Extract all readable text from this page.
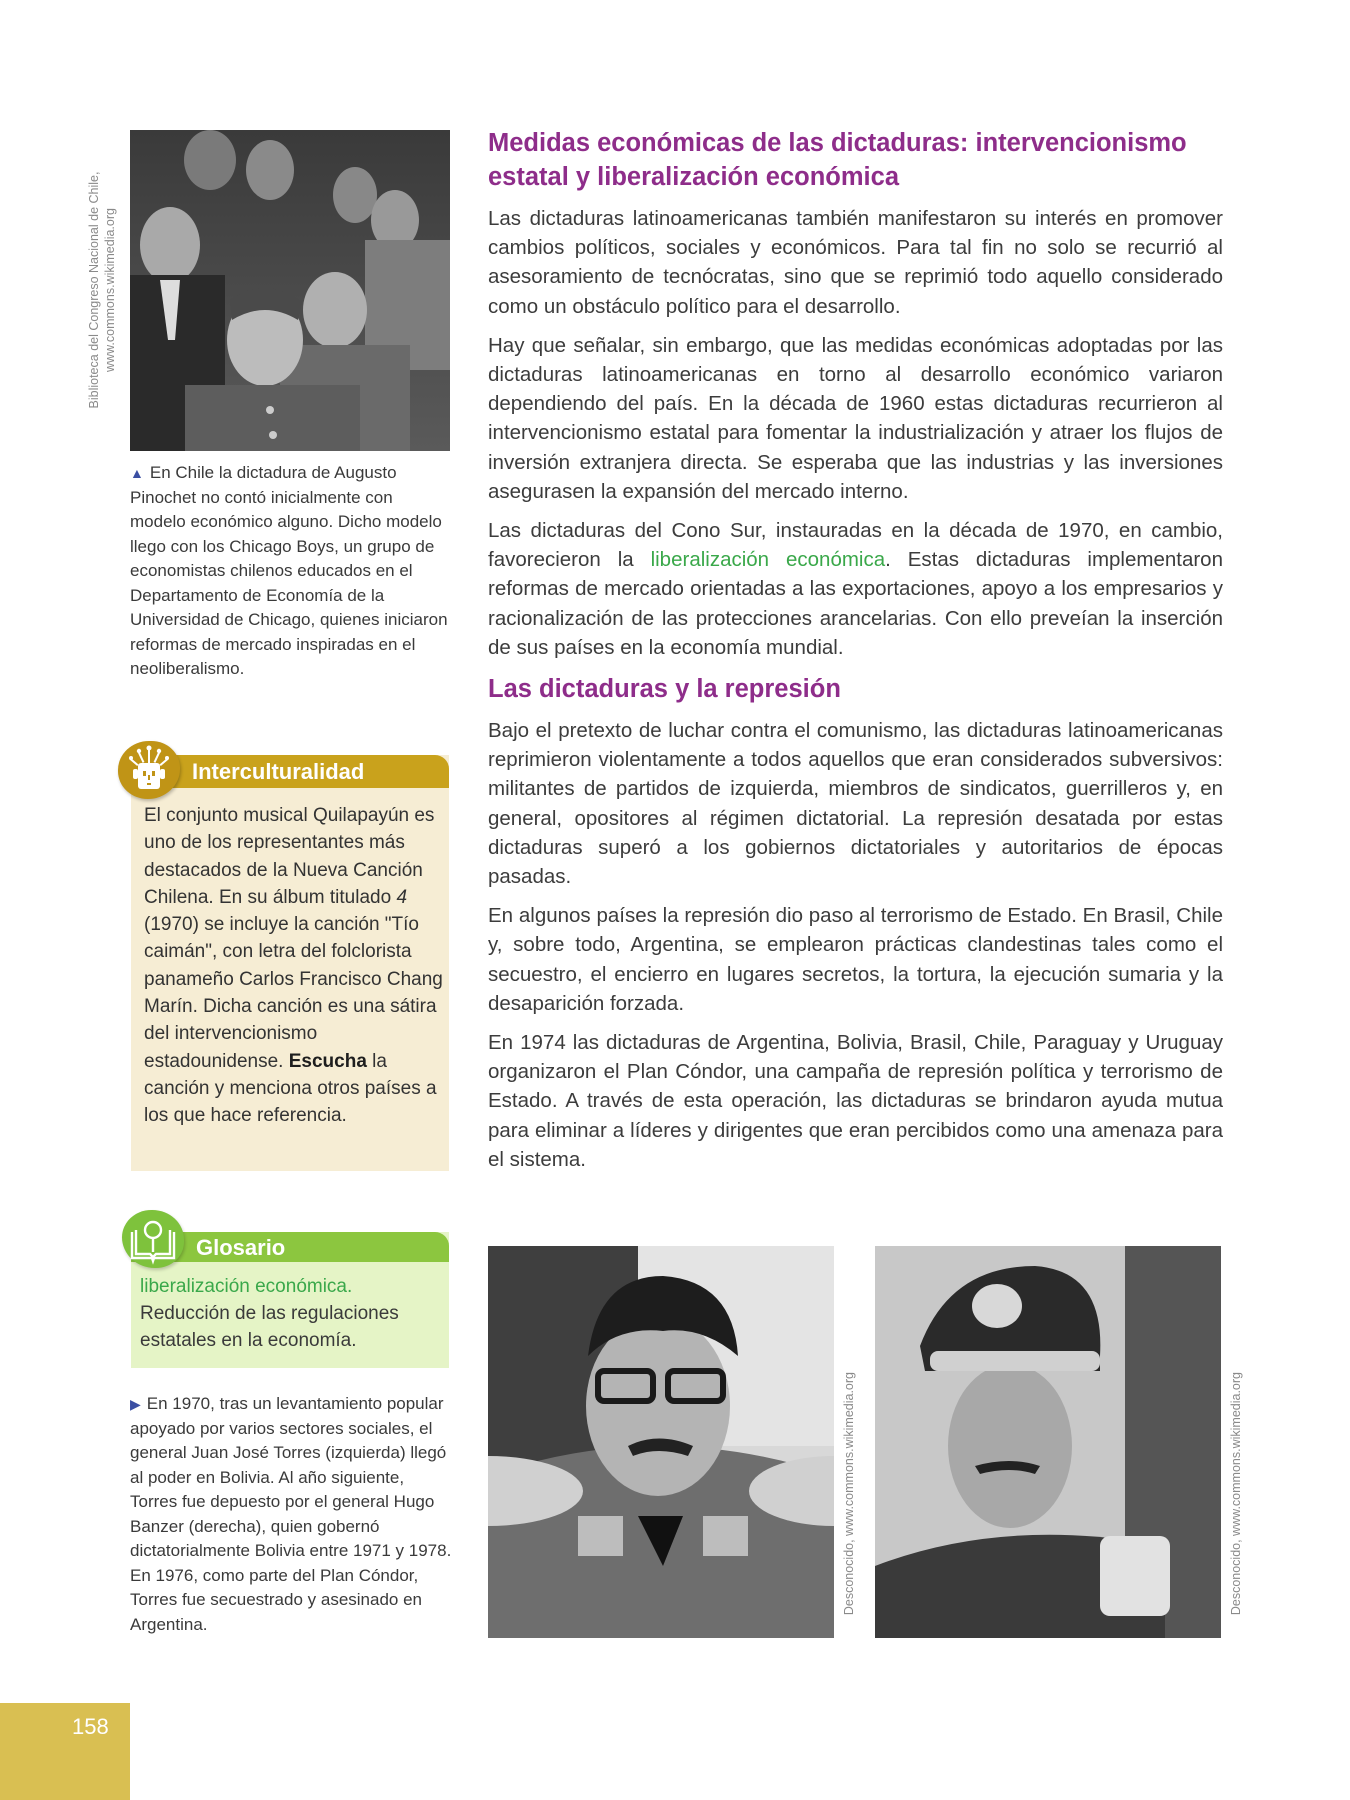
Biblioteca del Congreso Nacional de Chile, www.commons.wikimedia.org
▲ En Chile la dictadura de Augusto Pinochet no contó inicialmente con modelo económico alguno. Dicho modelo llego con los Chicago Boys, un grupo de economistas chilenos educados en el Departamento de Economía de la Universidad de Chicago, quienes iniciaron reformas de mercado inspiradas en el neoliberalismo.
Interculturalidad
El conjunto musical Quilapayún es uno de los representantes más destacados de la Nueva Canción Chilena. En su álbum titulado 4 (1970) se incluye la canción "Tío caimán", con letra del folclorista panameño Carlos Francisco Chang Marín. Dicha canción es una sátira del intervencionismo estadounidense. Escucha la canción y menciona otros países a los que hace referencia.
Glosario
liberalización económica.
Reducción de las regulaciones estatales en la economía.
▶ En 1970, tras un levantamiento popular apoyado por varios sectores sociales, el general Juan José Torres (izquierda) llegó al poder en Bolivia. Al año siguiente, Torres fue depuesto por el general Hugo Banzer (derecha), quien gobernó dictatorialmente Bolivia entre 1971 y 1978. En 1976, como parte del Plan Cóndor, Torres fue secuestrado y asesinado en Argentina.
Medidas económicas de las dictaduras: intervencionismo estatal y liberalización económica

Las dictaduras latinoamericanas también manifestaron su interés en promover cambios políticos, sociales y económicos. Para tal fin no solo se recurrió al asesoramiento de tecnócratas, sino que se reprimió todo aquello considerado como un obstáculo político para el desarrollo.

Hay que señalar, sin embargo, que las medidas económicas adoptadas por las dictaduras latinoamericanas en torno al desarrollo económico variaron dependiendo del país. En la década de 1960 estas dictaduras recurrieron al intervencionismo estatal para fomentar la industrialización y atraer los flujos de inversión extranjera directa. Se esperaba que las industrias y las inversiones asegurasen la expansión del mercado interno.

Las dictaduras del Cono Sur, instauradas en la década de 1970, en cambio, favorecieron la liberalización económica. Estas dictaduras implementaron reformas de mercado orientadas a las exportaciones, apoyo a los empresarios y racionalización de las protecciones arancelarias. Con ello preveían la inserción de sus países en la economía mundial.

Las dictaduras y la represión

Bajo el pretexto de luchar contra el comunismo, las dictaduras latinoamericanas reprimieron violentamente a todos aquellos que eran considerados subversivos: militantes de partidos de izquierda, miembros de sindicatos, guerrilleros y, en general, opositores al régimen dictatorial. La represión desatada por estas dictaduras superó a los gobiernos dictatoriales y autoritarios de épocas pasadas.

En algunos países la represión dio paso al terrorismo de Estado. En Brasil, Chile y, sobre todo, Argentina, se emplearon prácticas clandestinas tales como el secuestro, el encierro en lugares secretos, la tortura, la ejecución sumaria y la desaparición forzada.

En 1974 las dictaduras de Argentina, Bolivia, Brasil, Chile, Paraguay y Uruguay organizaron el Plan Cóndor, una campaña de represión política y terrorismo de Estado. A través de esta operación, las dictaduras se brindaron ayuda mutua para eliminar a líderes y dirigentes que eran percibidos como una amenaza para el sistema.

Desconocido, www.commons.wikimedia.org	Desconocido, www.commons.wikimedia.org
158
